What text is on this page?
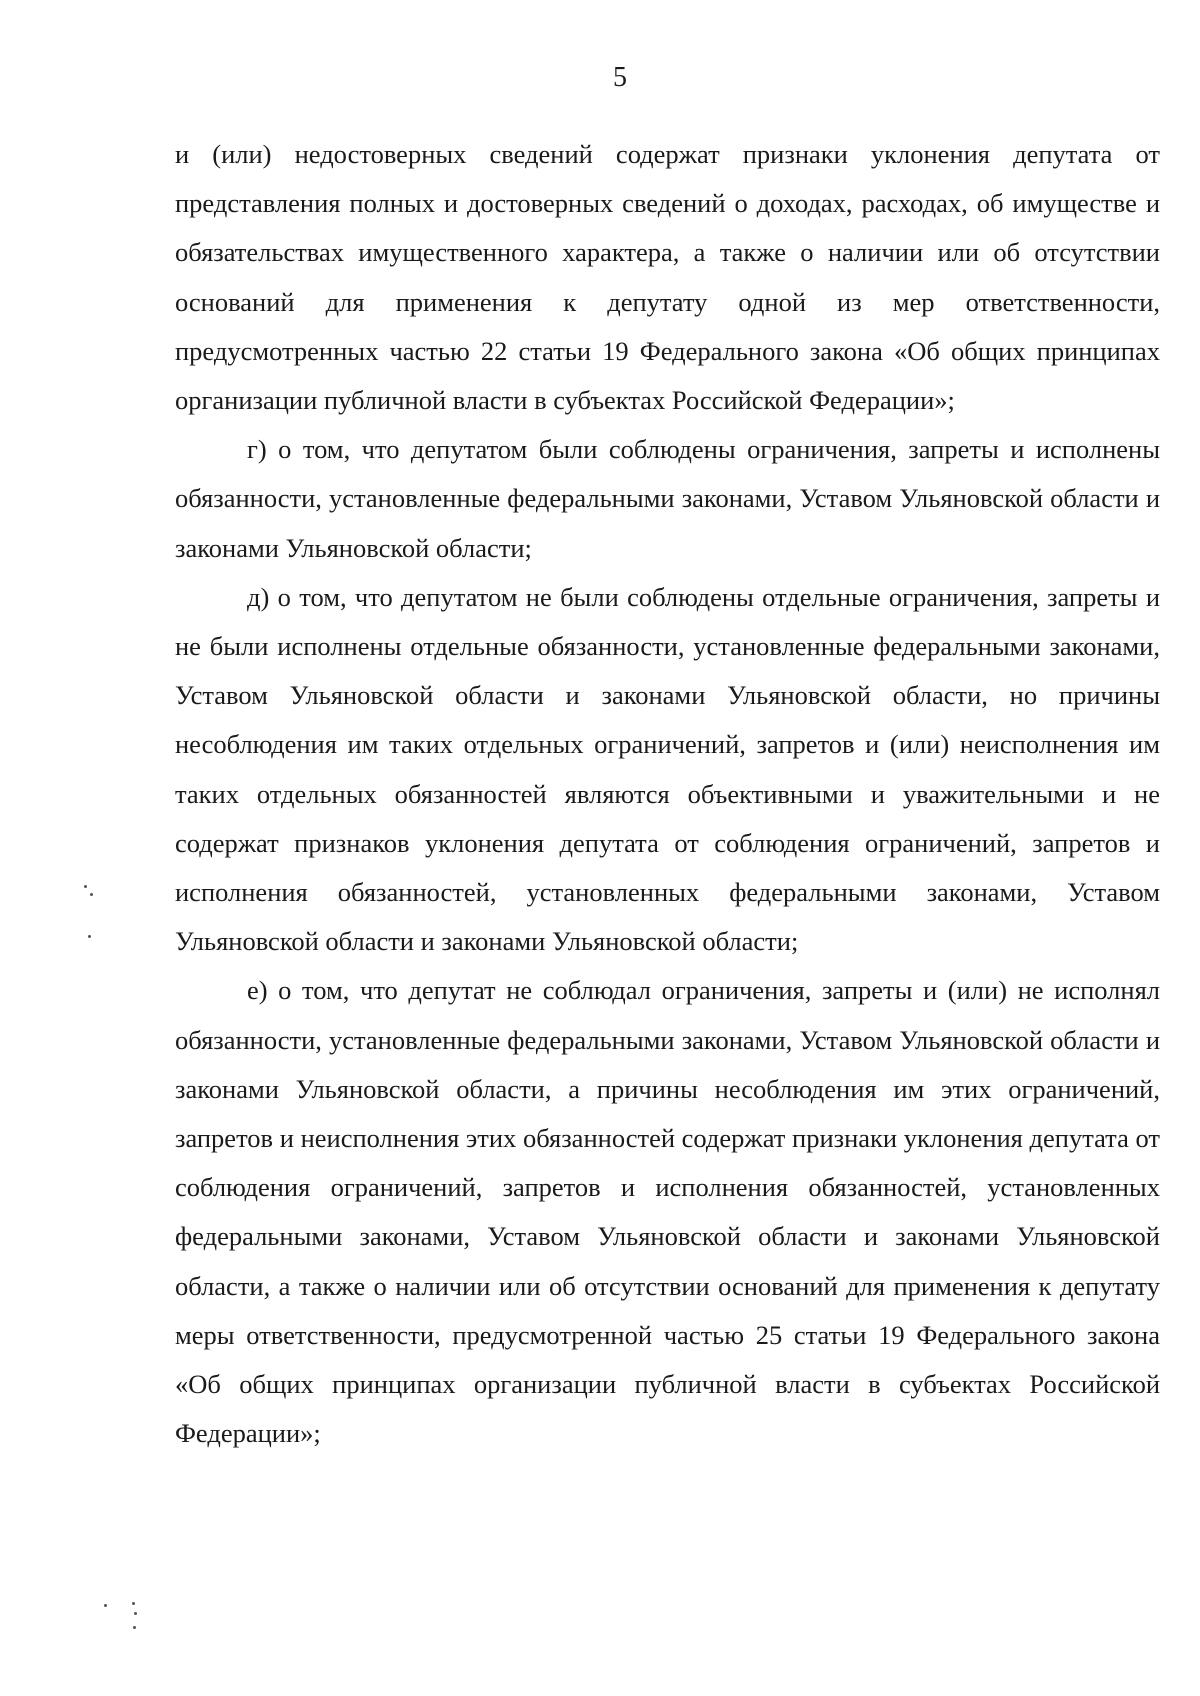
5

и (или) недостоверных сведений содержат признаки уклонения депутата от представления полных и достоверных сведений о доходах, расходах, об имуществе и обязательствах имущественного характера, а также о наличии или об отсутствии оснований для применения к депутату одной из мер ответственности, предусмотренных частью 22 статьи 19 Федерального закона «Об общих принципах организации публичной власти в субъектах Российской Федерации»;

г) о том, что депутатом были соблюдены ограничения, запреты и исполнены обязанности, установленные федеральными законами, Уставом Ульяновской области и законами Ульяновской области;

д) о том, что депутатом не были соблюдены отдельные ограничения, запреты и не были исполнены отдельные обязанности, установленные федеральными законами, Уставом Ульяновской области и законами Ульяновской области, но причины несоблюдения им таких отдельных ограничений, запретов и (или) неисполнения им таких отдельных обязанностей являются объективными и уважительными и не содержат признаков уклонения депутата от соблюдения ограничений, запретов и исполнения обязанностей, установленных федеральными законами, Уставом Ульяновской области и законами Ульяновской области;

е) о том, что депутат не соблюдал ограничения, запреты и (или) не исполнял обязанности, установленные федеральными законами, Уставом Ульяновской области и законами Ульяновской области, а причины несоблюдения им этих ограничений, запретов и неисполнения этих обязанностей содержат признаки уклонения депутата от соблюдения ограничений, запретов и исполнения обязанностей, установленных федеральными законами, Уставом Ульяновской области и законами Ульяновской области, а также о наличии или об отсутствии оснований для применения к депутату меры ответственности, предусмотренной частью 25 статьи 19 Федерального закона «Об общих принципах организации публичной власти в субъектах Российской Федерации»;
